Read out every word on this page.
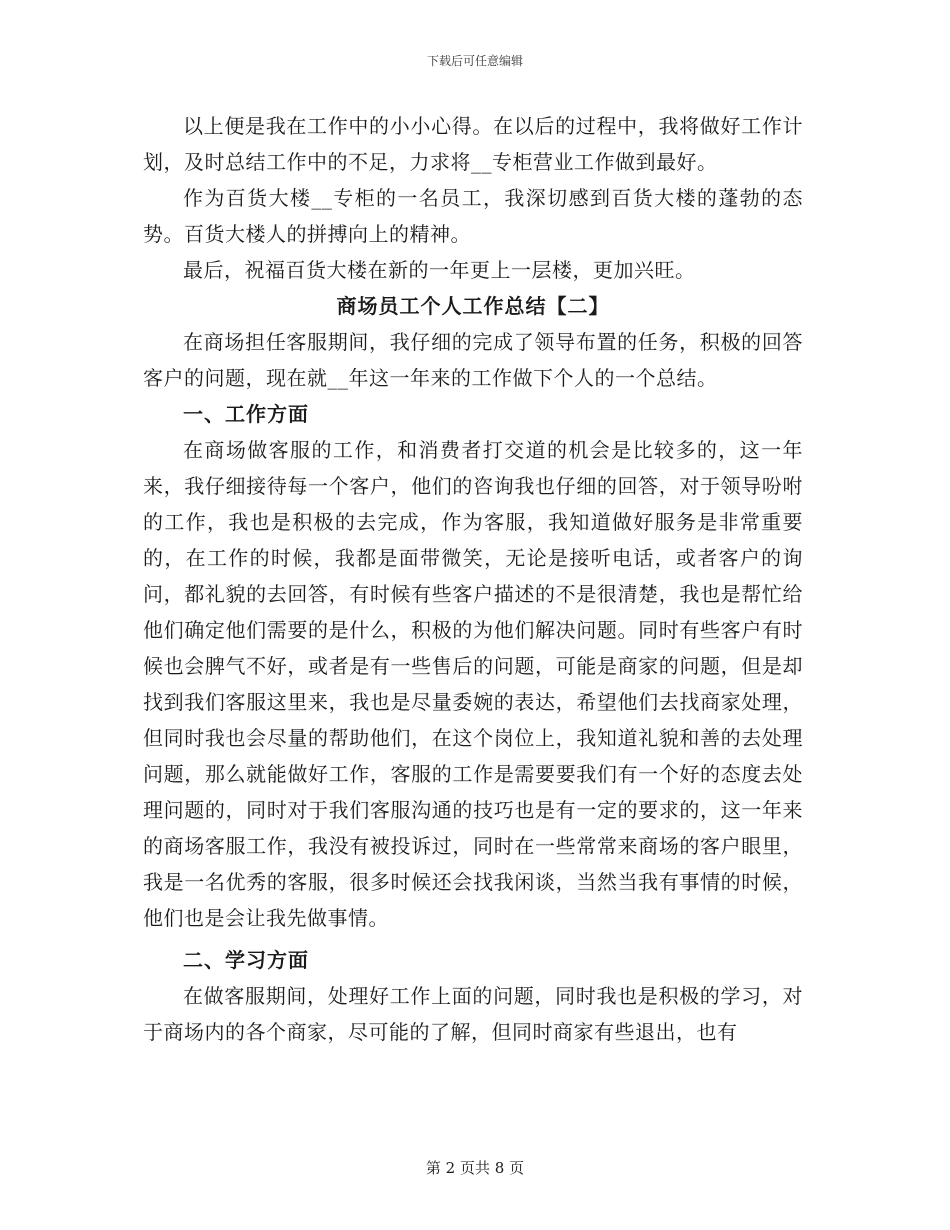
下载后可任意编辑

以上便是我在工作中的小小心得。在以后的过程中，我将做好工作计划，及时总结工作中的不足，力求将__专柜营业工作做到最好。

作为百货大楼__专柜的一名员工，我深切感到百货大楼的蓬勃的态势。百货大楼人的拼搏向上的精神。

最后，祝福百货大楼在新的一年更上一层楼，更加兴旺。

商场员工个人工作总结【二】

在商场担任客服期间，我仔细的完成了领导布置的任务，积极的回答客户的问题，现在就__年这一年来的工作做下个人的一个总结。

一、工作方面

在商场做客服的工作，和消费者打交道的机会是比较多的，这一年来，我仔细接待每一个客户，他们的咨询我也仔细的回答，对于领导吩咐的工作，我也是积极的去完成，作为客服，我知道做好服务是非常重要的，在工作的时候，我都是面带微笑，无论是接听电话，或者客户的询问，都礼貌的去回答，有时候有些客户描述的不是很清楚，我也是帮忙给他们确定他们需要的是什么，积极的为他们解决问题。同时有些客户有时候也会脾气不好，或者是有一些售后的问题，可能是商家的问题，但是却找到我们客服这里来，我也是尽量委婉的表达，希望他们去找商家处理，但同时我也会尽量的帮助他们，在这个岗位上，我知道礼貌和善的去处理问题，那么就能做好工作，客服的工作是需要要我们有一个好的态度去处理问题的，同时对于我们客服沟通的技巧也是有一定的要求的，这一年来的商场客服工作，我没有被投诉过，同时在一些常常来商场的客户眼里，我是一名优秀的客服，很多时候还会找我闲谈，当然当我有事情的时候，他们也是会让我先做事情。

二、学习方面

在做客服期间，处理好工作上面的问题，同时我也是积极的学习，对于商场内的各个商家，尽可能的了解，但同时商家有些退出，也有

第 2 页共 8 页
